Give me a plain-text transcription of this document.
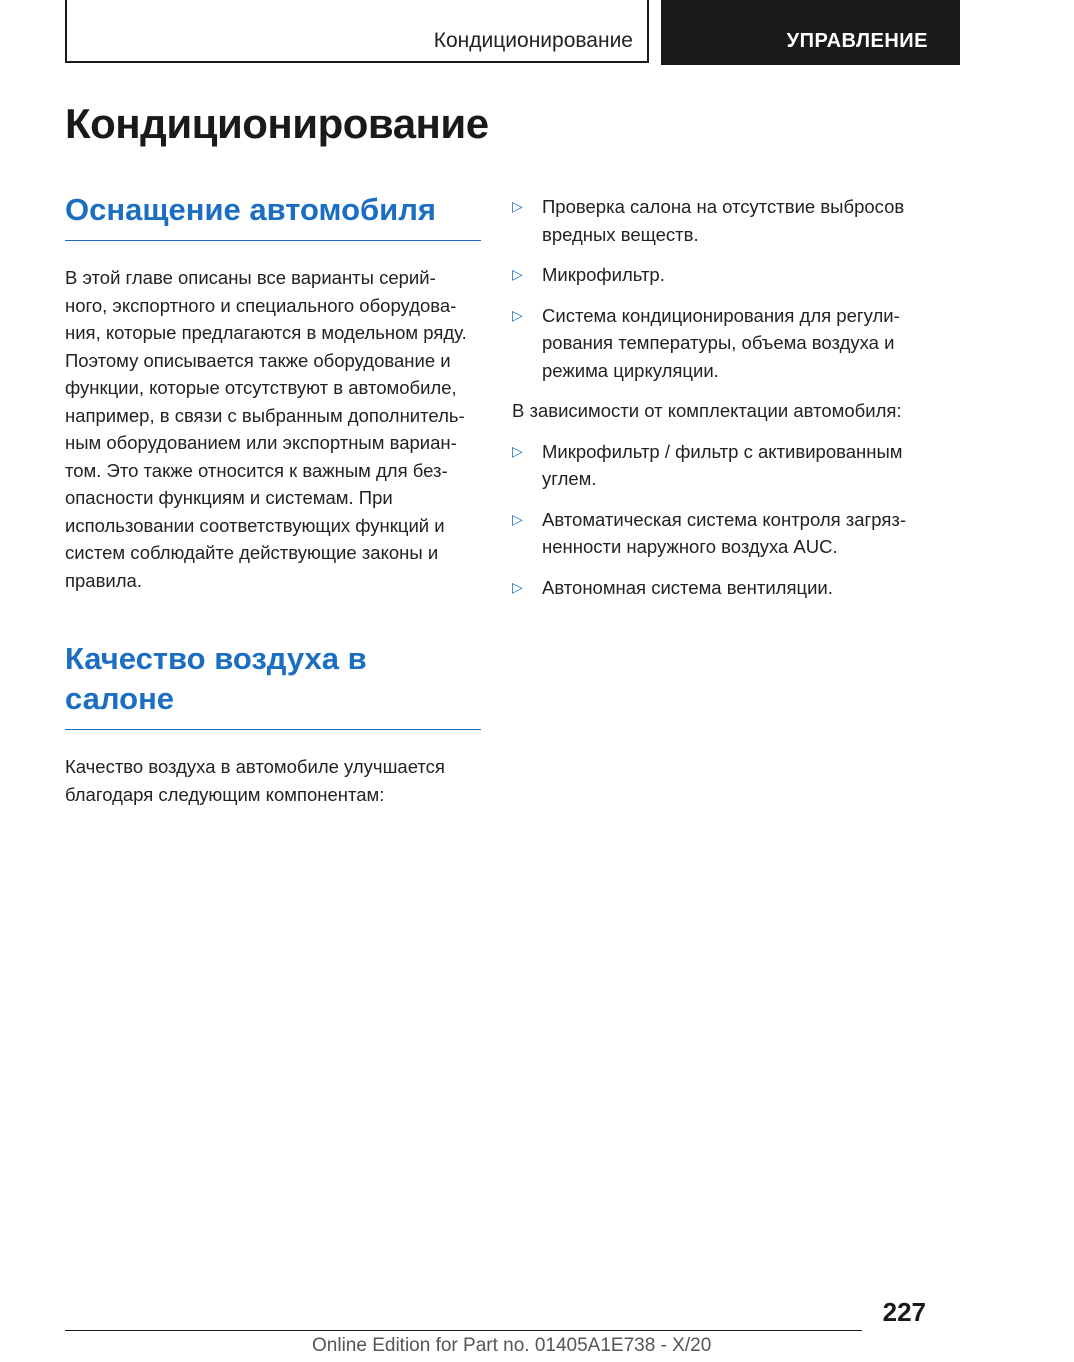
Кондиционирование	УПРАВЛЕНИЕ
Кондиционирование
Оснащение автомобиля

В этой главе описаны все варианты серий-
ного, экспортного и специального оборудова-
ния, которые предлагаются в модельном ряду.
Поэтому описывается также оборудование и
функции, которые отсутствуют в автомобиле,
например, в связи с выбранным дополнитель-
ным оборудованием или экспортным вариан-
том. Это также относится к важным для без-
опасности функциям и системам. При
использовании соответствующих функций и
систем соблюдайте действующие законы и
правила.

Качество воздуха в
салоне

Качество воздуха в автомобиле улучшается
благодаря следующим компонентам:

▷ Проверка салона на отсутствие выбросов
вредных веществ.
▷ Микрофильтр.
▷ Система кондиционирования для регули-
рования температуры, объема воздуха и
режима циркуляции.

В зависимости от комплектации автомобиля:

▷ Микрофильтр / фильтр с активированным
углем.
▷ Автоматическая система контроля загряз-
ненности наружного воздуха AUC.
▷ Автономная система вентиляции.
227
Online Edition for Part no. 01405A1E738 - X/20
